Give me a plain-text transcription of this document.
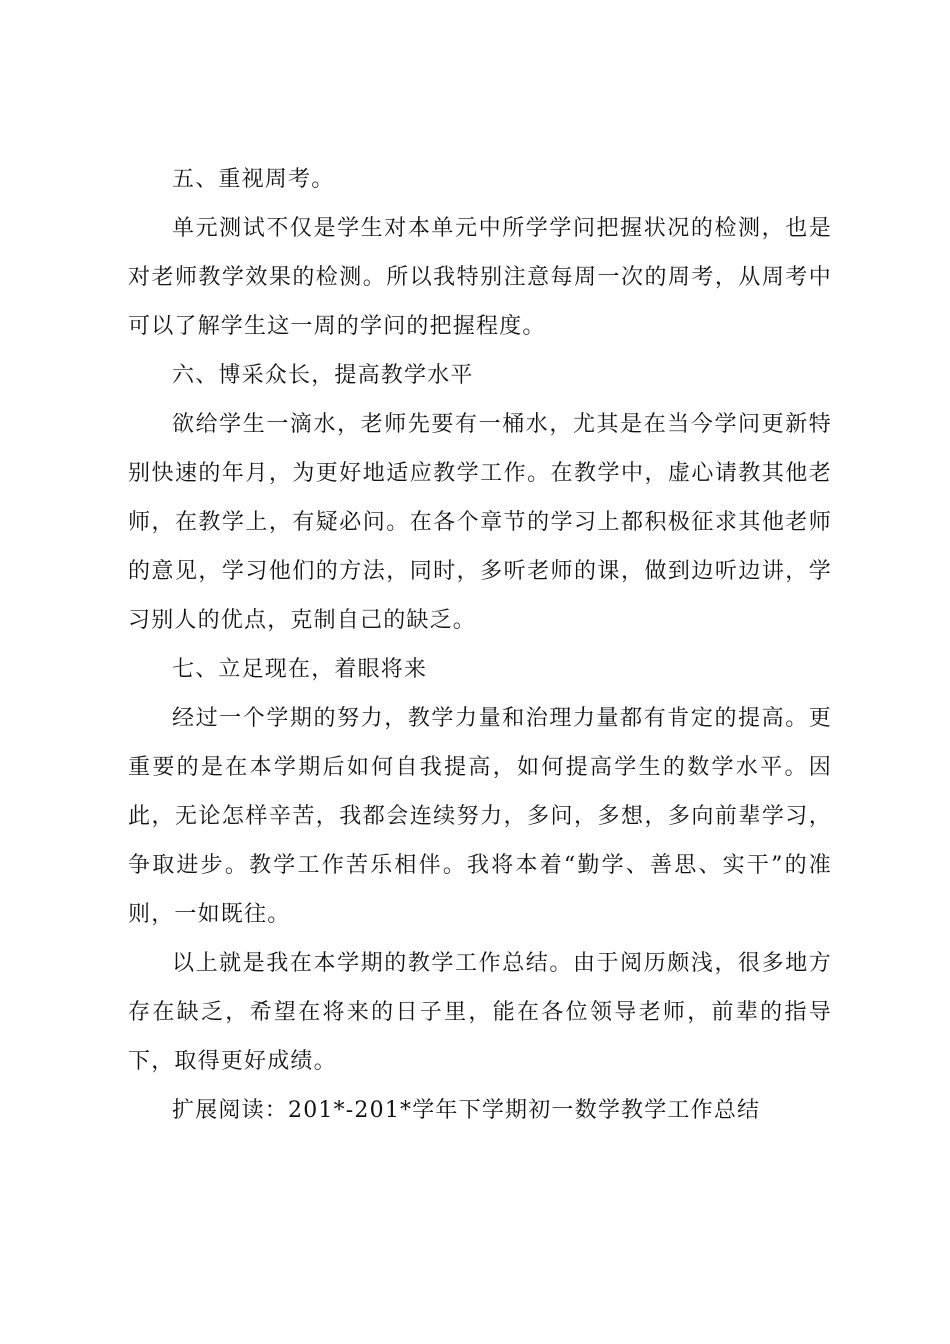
五、重视周考。

单元测试不仅是学生对本单元中所学学问把握状况的检测，也是对老师教学效果的检测。所以我特别注意每周一次的周考，从周考中可以了解学生这一周的学问的把握程度。

六、博采众长，提高教学水平

欲给学生一滴水，老师先要有一桶水，尤其是在当今学问更新特别快速的年月，为更好地适应教学工作。在教学中，虚心请教其他老师，在教学上，有疑必问。在各个章节的学习上都积极征求其他老师的意见，学习他们的方法，同时，多听老师的课，做到边听边讲，学习别人的优点，克制自己的缺乏。

七、立足现在，着眼将来

经过一个学期的努力，教学力量和治理力量都有肯定的提高。更重要的是在本学期后如何自我提高，如何提高学生的数学水平。因此，无论怎样辛苦，我都会连续努力，多问，多想，多向前辈学习，争取进步。教学工作苦乐相伴。我将本着“勤学、善思、实干”的准则，一如既往。

以上就是我在本学期的教学工作总结。由于阅历颇浅，很多地方存在缺乏，希望在将来的日子里，能在各位领导老师，前辈的指导下，取得更好成绩。

扩展阅读：201*-201*学年下学期初一数学教学工作总结
